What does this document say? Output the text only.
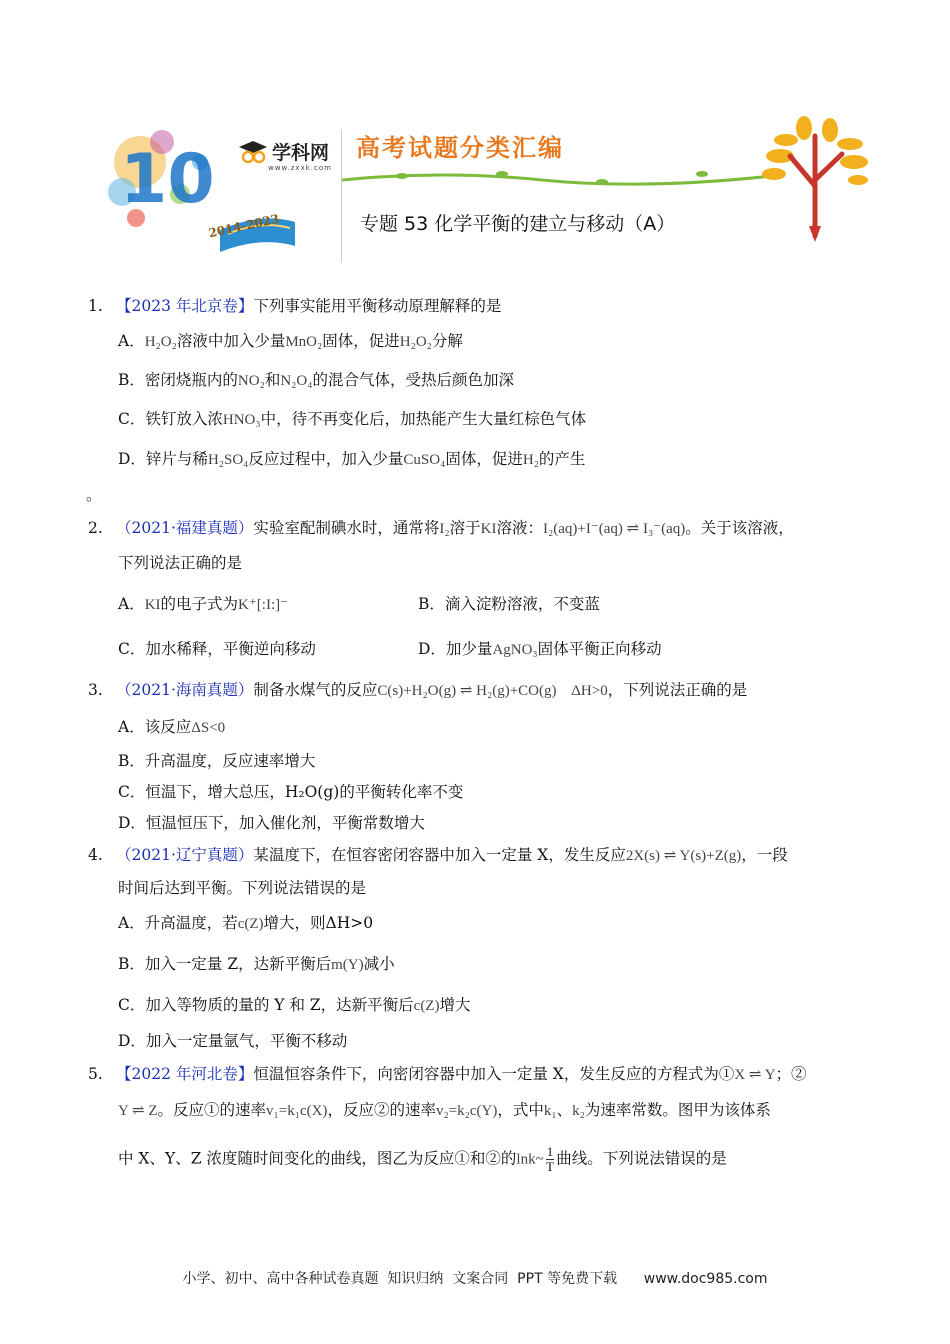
10 years
2014-2023
学科网
www.zxxk.com
高考试题分类汇编
专题 53 化学平衡的建立与移动（A）
1. 【2023 年北京卷】下列事实能用平衡移动原理解释的是
A．H₂O₂溶液中加入少量MnO₂固体，促进H₂O₂分解
B．密闭烧瓶内的NO₂和N₂O₄的混合气体，受热后颜色加深
C．铁钉放入浓HNO₃中，待不再变化后，加热能产生大量红棕色气体
D．锌片与稀H₂SO₄反应过程中，加入少量CuSO₄固体，促进H₂的产生
。
2. （2021·福建真题）实验室配制碘水时，通常将I₂溶于KI溶液：I₂(aq)+I⁻(aq) ⇌ I₃⁻(aq)。关于该溶液，
下列说法正确的是
A．KI的电子式为K⁺[:I:]⁻	B．滴入淀粉溶液，不变蓝
C．加水稀释，平衡逆向移动	D．加少量AgNO₃固体平衡正向移动
3. （2021·海南真题）制备水煤气的反应C(s)+H₂O(g) ⇌ H₂(g)+CO(g) ΔH>0，下列说法正确的是
A．该反应ΔS<0
B．升高温度，反应速率增大
C．恒温下，增大总压，H₂O(g)的平衡转化率不变
D．恒温恒压下，加入催化剂，平衡常数增大
4. （2021·辽宁真题）某温度下，在恒容密闭容器中加入一定量 X，发生反应2X(s) ⇌ Y(s)+Z(g)，一段
时间后达到平衡。下列说法错误的是
A．升高温度，若c(Z)增大，则ΔH>0
B．加入一定量 Z，达新平衡后m(Y)减小
C．加入等物质的量的 Y 和 Z，达新平衡后c(Z)增大
D．加入一定量氩气，平衡不移动
5. 【2022 年河北卷】恒温恒容条件下，向密闭容器中加入一定量 X，发生反应的方程式为①X ⇌ Y；②
Y ⇌ Z。反应①的速率v₁=k₁c(X)，反应②的速率v₂=k₂c(Y)，式中k₁、k₂为速率常数。图甲为该体系
中 X、Y、Z 浓度随时间变化的曲线，图乙为反应①和②的lnk~ $\frac{1}{T}$ 曲线。下列说法错误的是
小学、初中、高中各种试卷真题  知识归纳  文案合同  PPT 等免费下载      www.doc985.com
